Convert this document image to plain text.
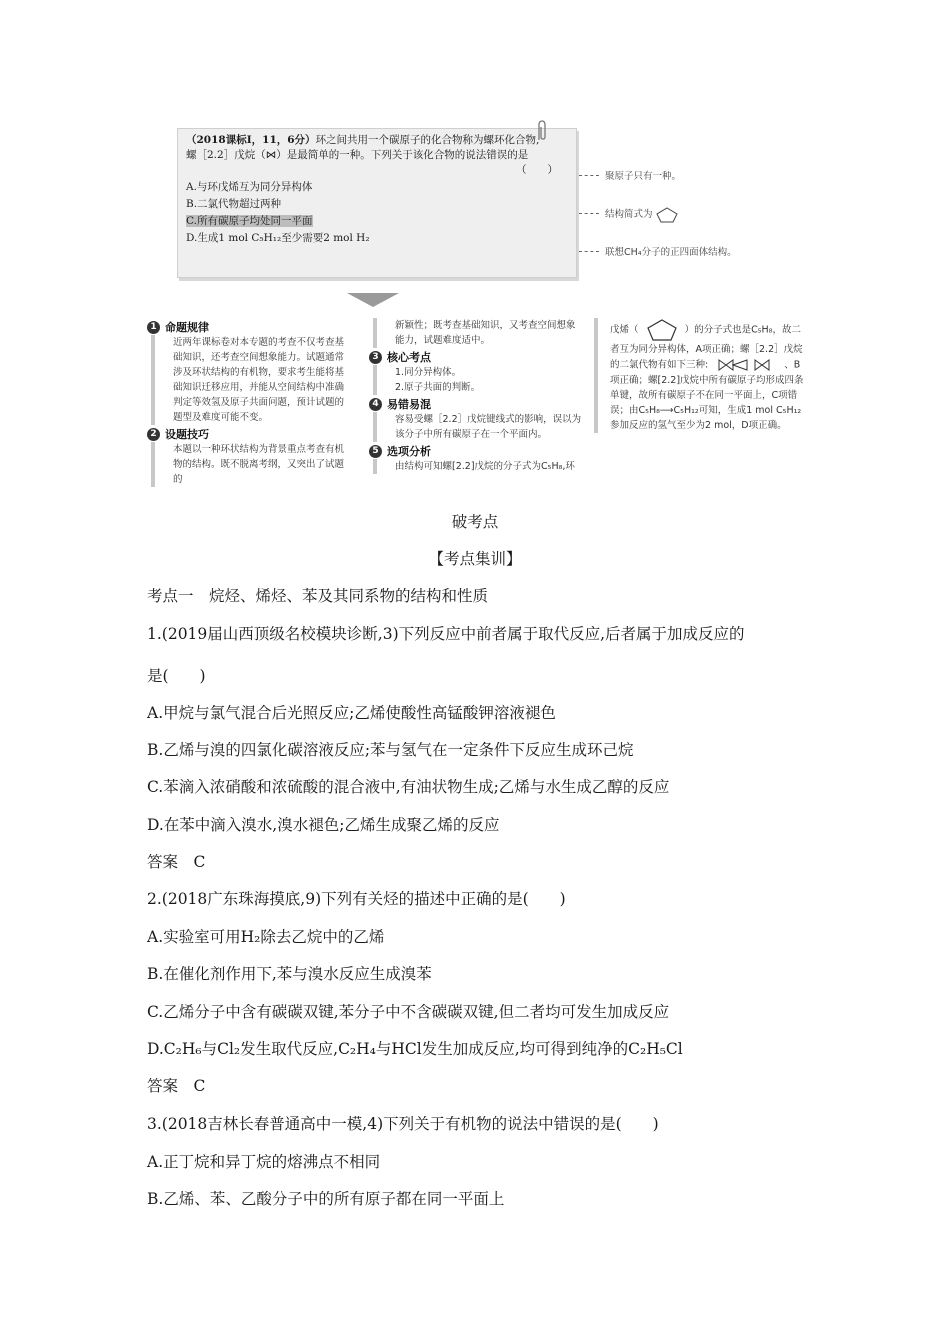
（2018课标Ⅰ，11，6分）环之间共用一个碳原子的化合物称为螺环化合物,
螺［2.2］戊烷（⋈）是最简单的一种。下列关于该化合物的说法错误的是
（　　）
A.与环戊烯互为同分异构体
B.二氯代物超过两种
C.所有碳原子均处同一平面
D.生成1 mol C₅H₁₂至少需要2 mol H₂
聚原子只有一种。
结构简式为
联想CH₄分子的正四面体结构。
1 命题规律
近两年课标卷对本专题的考查不仅考查基础知识，还考查空间想象能力。试题通常涉及环状结构的有机物，要求考生能将基础知识迁移应用，并能从空间结构中准确判定等效氢及原子共面问题，预计试题的题型及难度可能不变。
2 设题技巧
本题以一种环状结构为背景重点考查有机物的结构。既不脱离考纲，又突出了试题的
新颖性；既考查基础知识，又考查空间想象能力，试题难度适中。
3 核心考点
1.同分异构体。
2.原子共面的判断。
4 易错易混
容易受螺［2.2］戊烷键线式的影响，误以为该分子中所有碳原子在一个平面内。
5 选项分析
由结构可知螺[2.2]戊烷的分子式为C₅H₈,环
戊烯（	）的分子式也是C₅H₈，故二者互为同分异构体，A项正确；螺［2.2］戊烷的二氯代物有如下三种:	、B项正确；螺[2.2]戊烷中所有碳原子均形成四条单键，故所有碳原子不在同一平面上，C项错误；由C₅H₈⟶C₅H₁₂可知，生成1 mol C₅H₁₂参加反应的氢气至少为2 mol，D项正确。
破考点
【考点集训】
考点一　烷烃、烯烃、苯及其同系物的结构和性质
1.(2019届山西顶级名校模块诊断,3)下列反应中前者属于取代反应,后者属于加成反应的
是(　　)
A.甲烷与氯气混合后光照反应;乙烯使酸性高锰酸钾溶液褪色
B.乙烯与溴的四氯化碳溶液反应;苯与氢气在一定条件下反应生成环己烷
C.苯滴入浓硝酸和浓硫酸的混合液中,有油状物生成;乙烯与水生成乙醇的反应
D.在苯中滴入溴水,溴水褪色;乙烯生成聚乙烯的反应
答案　C
2.(2018广东珠海摸底,9)下列有关烃的描述中正确的是(　　)
A.实验室可用H₂除去乙烷中的乙烯
B.在催化剂作用下,苯与溴水反应生成溴苯
C.乙烯分子中含有碳碳双键,苯分子中不含碳碳双键,但二者均可发生加成反应
D.C₂H₆与Cl₂发生取代反应,C₂H₄与HCl发生加成反应,均可得到纯净的C₂H₅Cl
答案　C
3.(2018吉林长春普通高中一模,4)下列关于有机物的说法中错误的是(　　)
A.正丁烷和异丁烷的熔沸点不相同
B.乙烯、苯、乙酸分子中的所有原子都在同一平面上
